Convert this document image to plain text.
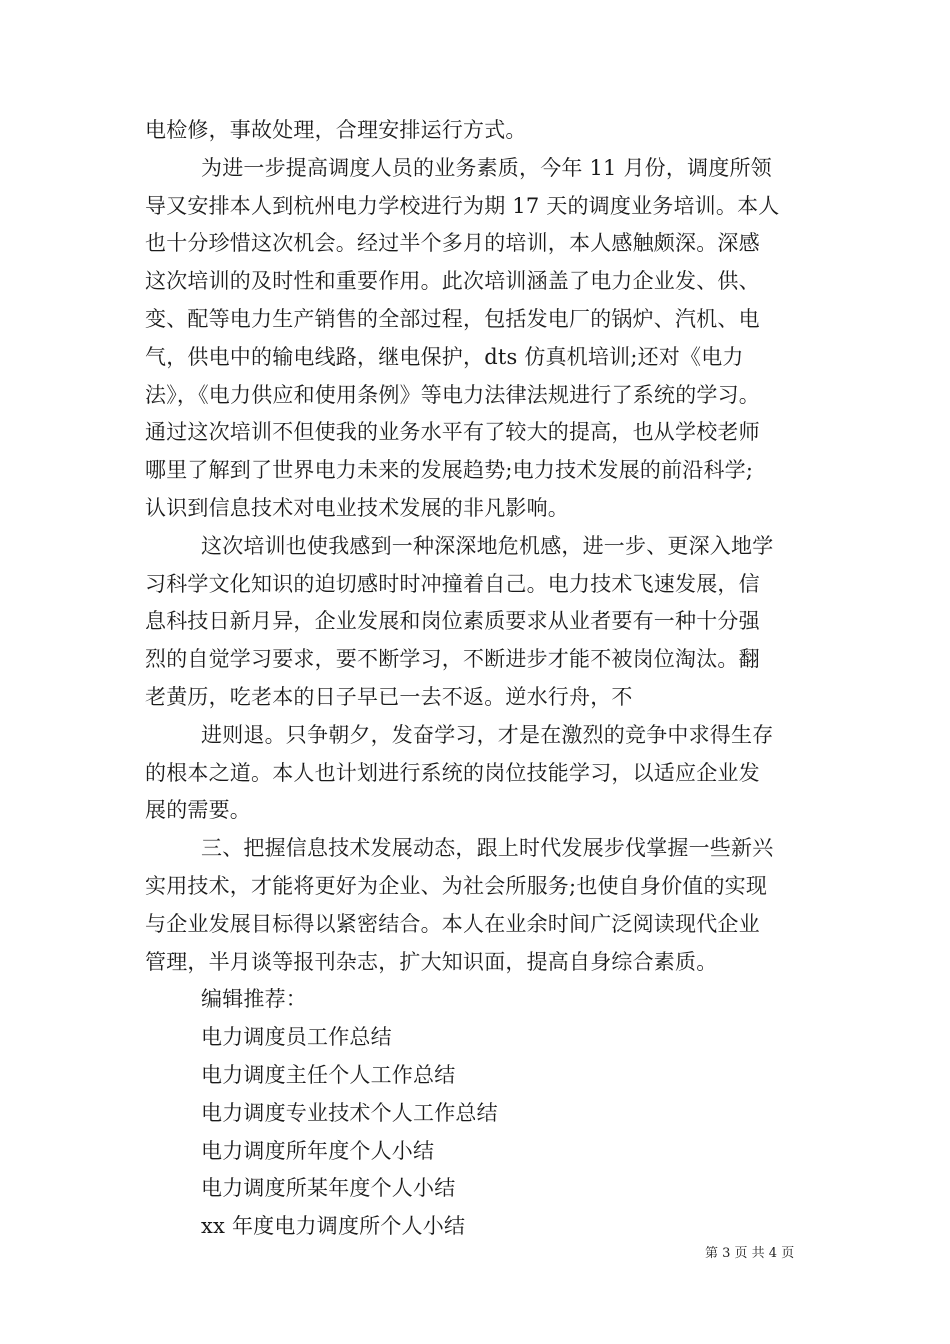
电检修，事故处理，合理安排运行方式。
为进一步提高调度人员的业务素质，今年 11 月份，调度所领
导又安排本人到杭州电力学校进行为期 17 天的调度业务培训。本人
也十分珍惜这次机会。经过半个多月的培训，本人感触颇深。深感
这次培训的及时性和重要作用。此次培训涵盖了电力企业发、供、
变、配等电力生产销售的全部过程，包括发电厂的锅炉、汽机、电
气，供电中的输电线路，继电保护，dts 仿真机培训;还对《电力
法》，《电力供应和使用条例》等电力法律法规进行了系统的学习。
通过这次培训不但使我的业务水平有了较大的提高，也从学校老师
哪里了解到了世界电力未来的发展趋势;电力技术发展的前沿科学;
认识到信息技术对电业技术发展的非凡影响。
这次培训也使我感到一种深深地危机感，进一步、更深入地学
习科学文化知识的迫切感时时冲撞着自己。电力技术飞速发展，信
息科技日新月异，企业发展和岗位素质要求从业者要有一种十分强
烈的自觉学习要求，要不断学习，不断进步才能不被岗位淘汰。翻
老黄历，吃老本的日子早已一去不返。逆水行舟，不
进则退。只争朝夕，发奋学习，才是在激烈的竞争中求得生存
的根本之道。本人也计划进行系统的岗位技能学习，以适应企业发
展的需要。
三、把握信息技术发展动态，跟上时代发展步伐掌握一些新兴
实用技术，才能将更好为企业、为社会所服务;也使自身价值的实现
与企业发展目标得以紧密结合。本人在业余时间广泛阅读现代企业
管理，半月谈等报刊杂志，扩大知识面，提高自身综合素质。
编辑推荐：
电力调度员工作总结
电力调度主任个人工作总结
电力调度专业技术个人工作总结
电力调度所年度个人小结
电力调度所某年度个人小结
xx 年度电力调度所个人小结
第 3 页 共 4 页
